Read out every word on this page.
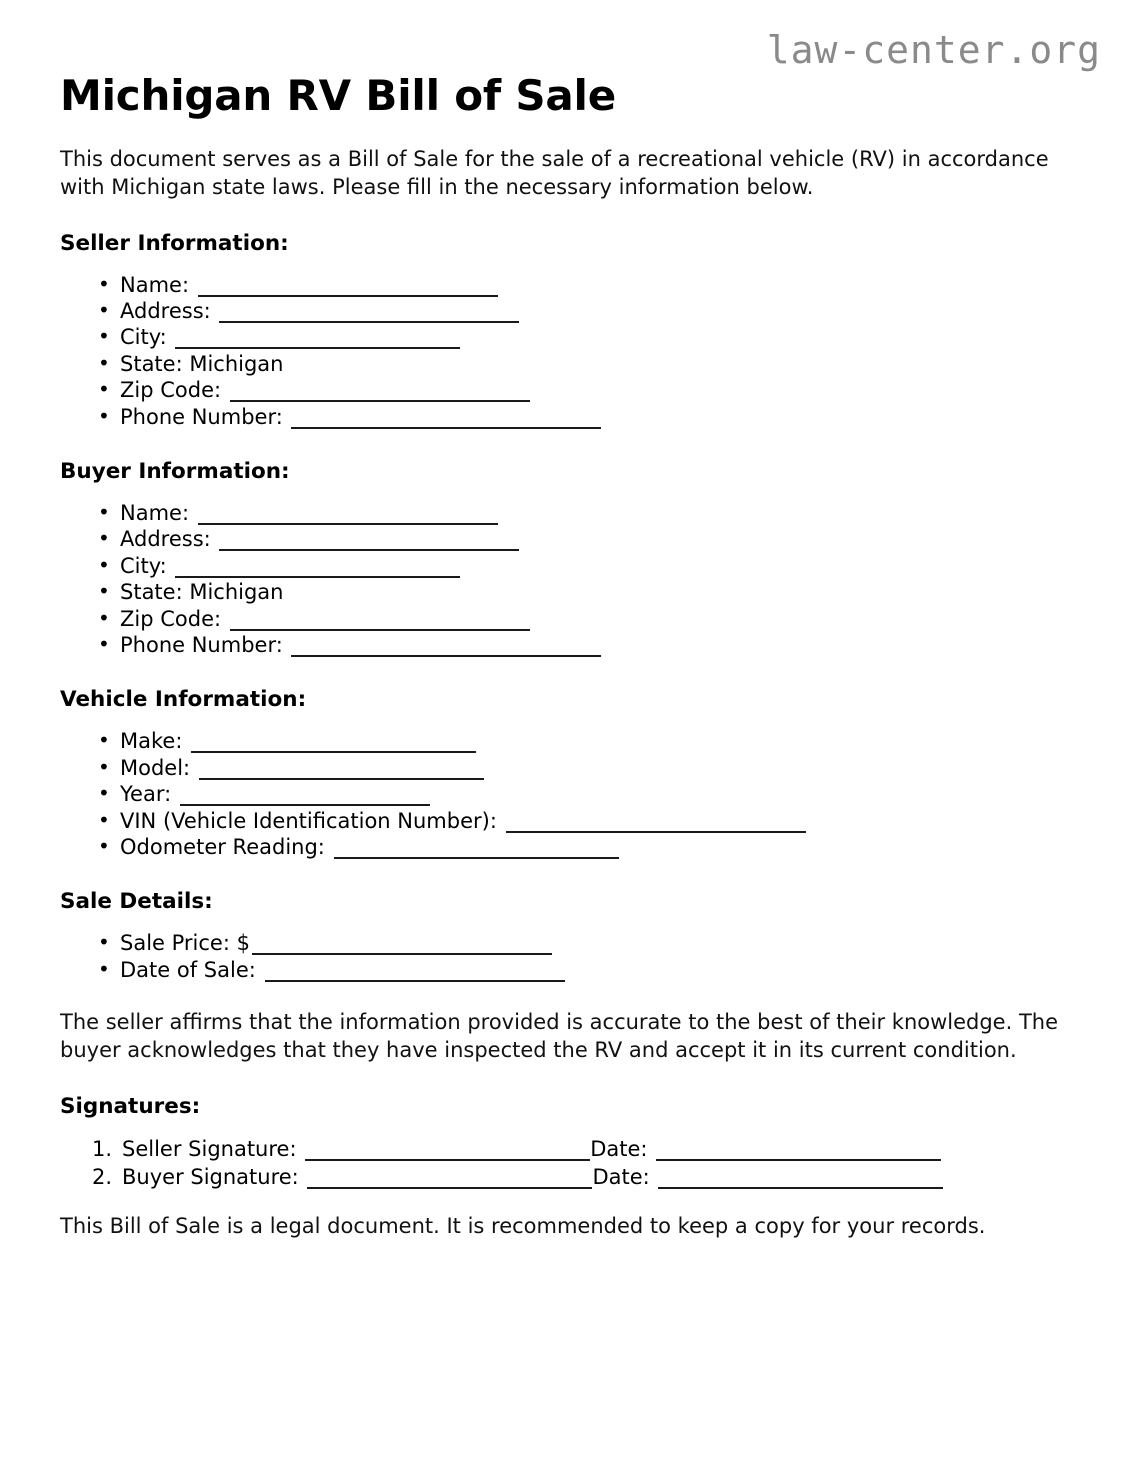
law-center.org
Michigan RV Bill of Sale

This document serves as a Bill of Sale for the sale of a recreational vehicle (RV) in accordance with Michigan state laws. Please fill in the necessary information below.

Seller Information:
• Name:
• Address:
• City:
• State: Michigan
• Zip Code:
• Phone Number:
Buyer Information:
• Name:
• Address:
• City:
• State: Michigan
• Zip Code:
• Phone Number:
Vehicle Information:
• Make:
• Model:
• Year:
• VIN (Vehicle Identification Number):
• Odometer Reading:
Sale Details:
• Sale Price: $
• Date of Sale:

The seller affirms that the information provided is accurate to the best of their knowledge. The buyer acknowledges that they have inspected the RV and accept it in its current condition.

Signatures:
Seller Signature:	Date:
Buyer Signature:	Date:

This Bill of Sale is a legal document. It is recommended to keep a copy for your records.
